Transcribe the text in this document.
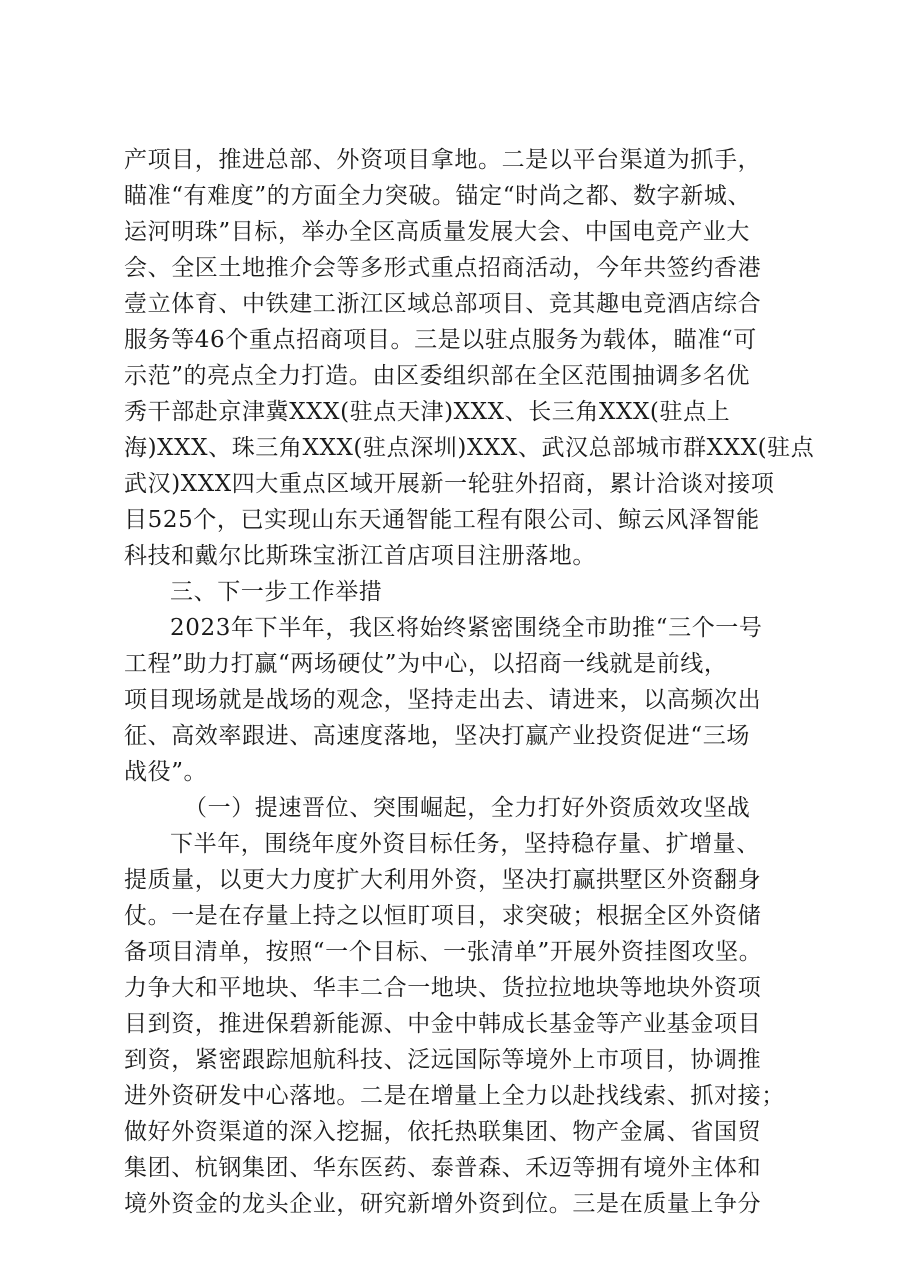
产项目，推进总部、外资项目拿地。二是以平台渠道为抓手，
瞄准“有难度”的方面全力突破。锚定“时尚之都、数字新城、
运河明珠”目标，举办全区高质量发展大会、中国电竞产业大
会、全区土地推介会等多形式重点招商活动，今年共签约香港
壹立体育、中铁建工浙江区域总部项目、竞其趣电竞酒店综合
服务等46个重点招商项目。三是以驻点服务为载体，瞄准“可
示范”的亮点全力打造。由区委组织部在全区范围抽调多名优
秀干部赴京津冀XXX(驻点天津)XXX、长三角XXX(驻点上
海)XXX、珠三角XXX(驻点深圳)XXX、武汉总部城市群XXX(驻点
武汉)XXX四大重点区域开展新一轮驻外招商，累计洽谈对接项
目525个，已实现山东天通智能工程有限公司、鲸云风泽智能
科技和戴尔比斯珠宝浙江首店项目注册落地。
三、下一步工作举措
2023年下半年，我区将始终紧密围绕全市助推“三个一号
工程”助力打赢“两场硬仗”为中心，以招商一线就是前线，
项目现场就是战场的观念，坚持走出去、请进来，以高频次出
征、高效率跟进、高速度落地，坚决打赢产业投资促进“三场
战役”。
（一）提速晋位、突围崛起，全力打好外资质效攻坚战
下半年，围绕年度外资目标任务，坚持稳存量、扩增量、
提质量，以更大力度扩大利用外资，坚决打赢拱墅区外资翻身
仗。一是在存量上持之以恒盯项目，求突破；根据全区外资储
备项目清单，按照“一个目标、一张清单”开展外资挂图攻坚。
力争大和平地块、华丰二合一地块、货拉拉地块等地块外资项
目到资，推进保碧新能源、中金中韩成长基金等产业基金项目
到资，紧密跟踪旭航科技、泛远国际等境外上市项目，协调推
进外资研发中心落地。二是在增量上全力以赴找线索、抓对接；
做好外资渠道的深入挖掘，依托热联集团、物产金属、省国贸
集团、杭钢集团、华东医药、泰普森、禾迈等拥有境外主体和
境外资金的龙头企业，研究新增外资到位。三是在质量上争分
